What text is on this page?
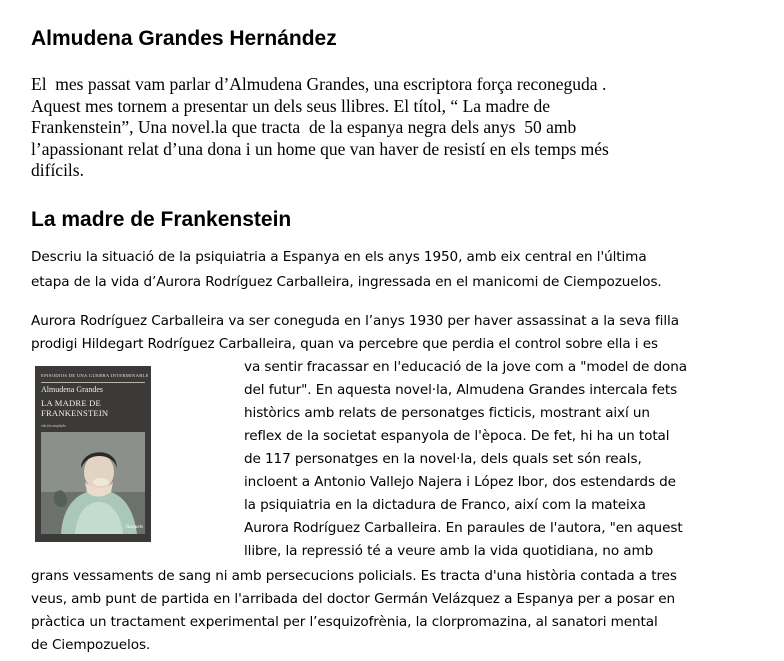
Almudena Grandes Hernández
El  mes passat vam parlar d’Almudena Grandes, una escriptora força reconeguda .
Aquest mes tornem a presentar un dels seus llibres. El títol, “ La madre de
Frankenstein”, Una novel.la que tracta  de la espanya negra dels anys  50 amb
l’apassionant relat d’una dona i un home que van haver de resistí en els temps més
difícils.
La madre de Frankenstein
Descriu la situació de la psiquiatria a Espanya en els anys 1950, amb eix central en l'última
etapa de la vida d’Aurora Rodríguez Carballeira, ingressada en el manicomi de Ciempozuelos.
Aurora Rodríguez Carballeira va ser coneguda en l’anys 1930 per haver assassinat a la seva filla
prodigi Hildegart Rodríguez Carballeira, quan va percebre que perdia el control sobre ella i es
va sentir fracassar en l'educació de la jove com a "model de dona
del futur". En aquesta novel·la, Almudena Grandes intercala fets
històrics amb relats de personatges ficticis, mostrant així un
reflex de la societat espanyola de l'època. De fet, hi ha un total
de 117 personatges en la novel·la, dels quals set són reals,
incloent a Antonio Vallejo Najera i López Ibor, dos estendards de
la psiquiatria en la dictadura de Franco, així com la mateixa
Aurora Rodríguez Carballeira. En paraules de l'autora, "en aquest
llibre, la repressió té a veure amb la vida quotidiana, no amb
grans vessaments de sang ni amb persecucions policials. Es tracta d'una història contada a tres
veus, amb punt de partida en l'arribada del doctor Germán Velázquez a Espanya per a posar en
pràctica un tractament experimental per l’esquizofrènia, la clorpromazina, al sanatori mental
de Ciempozuelos.
EPISODIOS DE UNA GUERRA INTERMINABLE
Almudena Grandes
LA MADRE DE
FRANKENSTEIN
edición ampliada
Tusquets
